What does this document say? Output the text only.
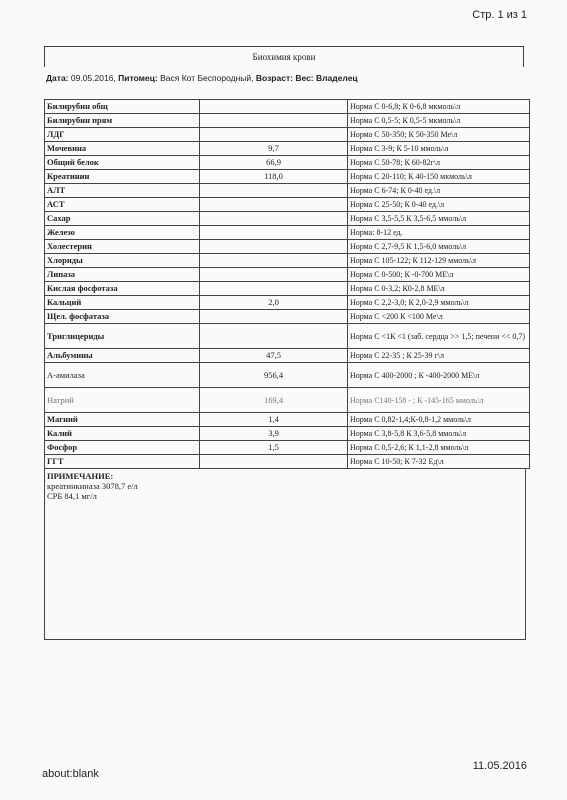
Стр. 1 из 1
Биохимия крови
Дата: 09.05.2016, Питомец: Вася Кот Беспородный, Возраст: Вес: Владелец
Билирубин общ		Норма С 0-6,8; К 0-6,8 мкмоль\л
Билирубин прям		Норма С 0,5-5; К 0,5-5 мкмоль\л
ЛДГ		Норма С 50-350; К 50-350 Ме\л
Мочевина	9,7	Норма С 3-9; К 5-10 ммоль\л
Общий белок	66,9	Норма С 50-78; К 60-82г\л
Креатинин	118,0	Норма С 20-110; К 40-150 мкмоль\л
АЛТ		Норма С 6-74; К 0-40 ед.\л
АСТ		Норма С 25-50; К 0-40 ед.\л
Сахар		Норма С 3,5-5,5 К 3,5-6,5 ммоль\л
Железо		Норма: 8-12 ед.
Холестерин		Норма С 2,7-9,5 К 1,5-6,0 ммоль\л
Хлориды		Норма С 105-122; К 112-129 ммоль\л
Липаза		Норма С 0-500; К -0-700 МЕ\л
Кислая фосфотаза		Норма С 0-3,2; К0-2,8 МЕ\л
Кальций	2,0	Норма С 2,2-3,0; К 2,0-2,9 ммоль\л
Щел. фосфатаза		Норма С <200 К <100 Ме\л
Триглицериды		Норма С <1К <1 (заб. сердца >> 1,5; печени << 0,7)
Альбумины	47,5	Норма С 22-35 ; К 25-39 г\л
А-амилаза	956,4	Норма С 400-2000 ; К -400-2000 МЕ\л
Натрий	169,4	Норма С140-158 - ; К -145-165 ммоль\л
Магний	1,4	Норма С 0,82-1,4;К-0,8-1,2 ммоль\л
Калий	3,9	Норма С 3,8-5,8 К 3,6-5,8 ммоль\л
Фосфор	1,5	Норма С 0,5-2,6; К 1,1-2,8 ммоль\л
ГГТ		Норма С 10-50; К 7-32 Ед\л
ПРИМЕЧАНИЕ:
креатинкиназа 3078,7 е/л
СРБ 84,1 мг/л
about:blank
11.05.2016
